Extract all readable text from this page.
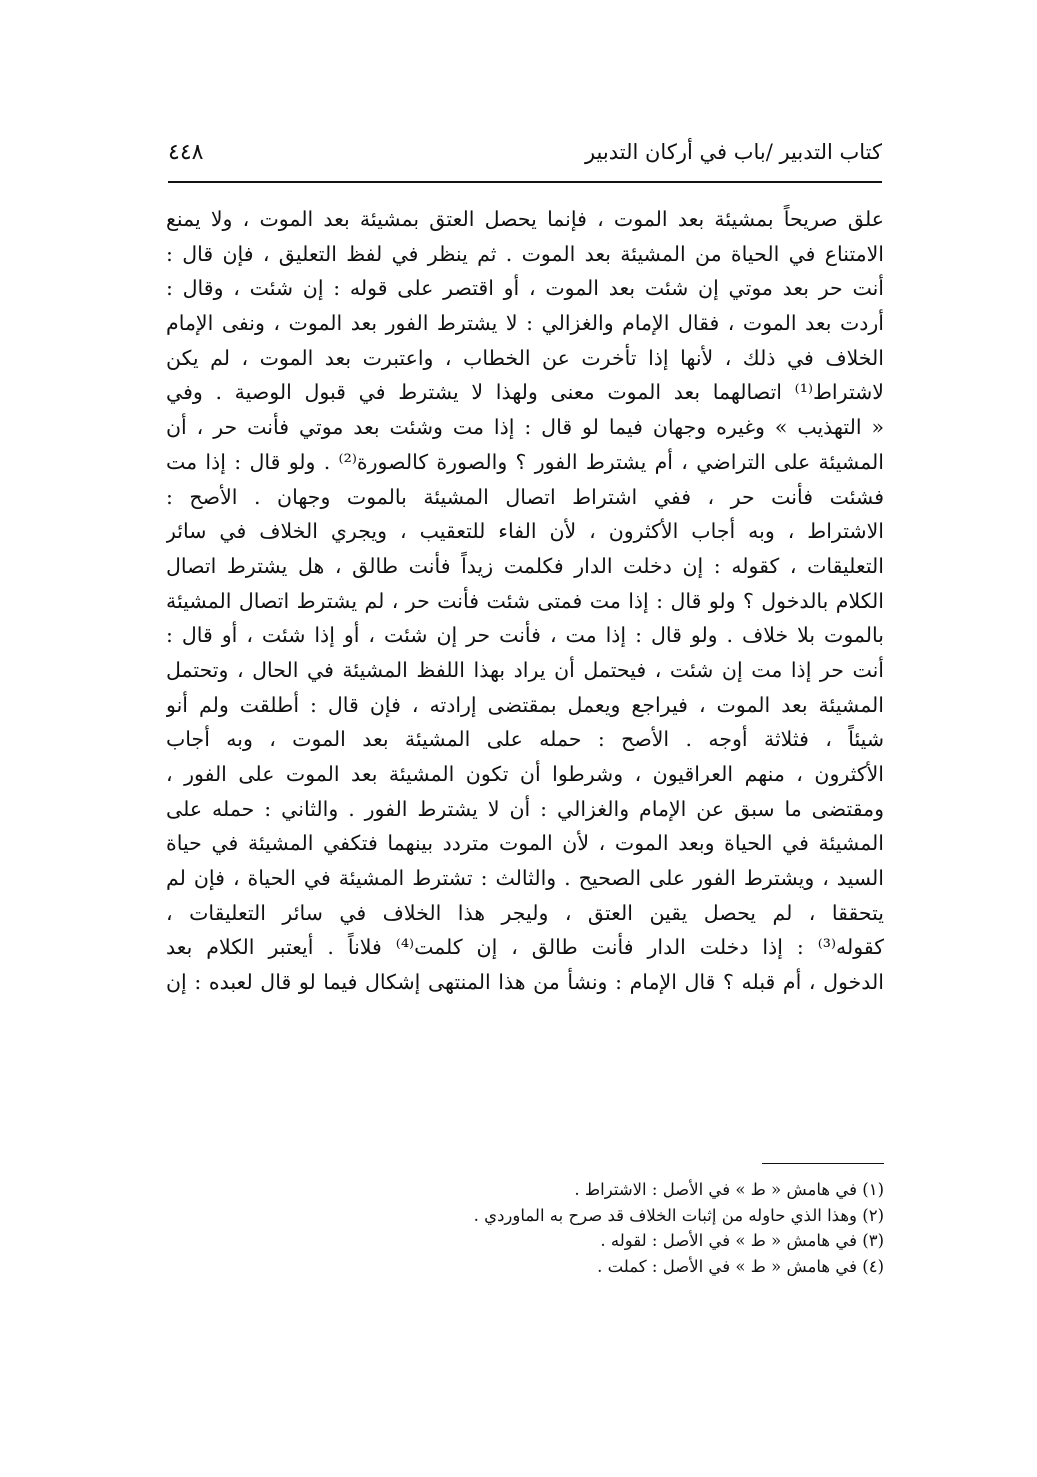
كتاب التدبير /باب في أركان التدبير
٤٤٨
علق صريحاً بمشيئة بعد الموت ، فإنما يحصل العتق بمشيئة بعد الموت ، ولا يمنع
الامتناع في الحياة من المشيئة بعد الموت . ثم ينظر في لفظ التعليق ، فإن قال :
أنت حر بعد موتي إن شئت بعد الموت ، أو اقتصر على قوله : إن شئت ، وقال :
أردت بعد الموت ، فقال الإمام والغزالي : لا يشترط الفور بعد الموت ، ونفى الإمام
الخلاف في ذلك ، لأنها إذا تأخرت عن الخطاب ، واعتبرت بعد الموت ، لم يكن
لاشتراط⁽¹⁾ اتصالهما بعد الموت معنى ولهذا لا يشترط في قبول الوصية . وفي
« التهذيب » وغيره وجهان فيما لو قال : إذا مت وشئت بعد موتي فأنت حر ، أن
المشيئة على التراضي ، أم يشترط الفور ؟ والصورة كالصورة⁽²⁾ . ولو قال : إذا مت
فشئت فأنت حر ، ففي اشتراط اتصال المشيئة بالموت وجهان . الأصح :
الاشتراط ، وبه أجاب الأكثرون ، لأن الفاء للتعقيب ، ويجري الخلاف في سائر
التعليقات ، كقوله : إن دخلت الدار فكلمت زيداً فأنت طالق ، هل يشترط اتصال
الكلام بالدخول ؟ ولو قال : إذا مت فمتى شئت فأنت حر ، لم يشترط اتصال المشيئة
بالموت بلا خلاف . ولو قال : إذا مت ، فأنت حر إن شئت ، أو إذا شئت ، أو قال :
أنت حر إذا مت إن شئت ، فيحتمل أن يراد بهذا اللفظ المشيئة في الحال ، وتحتمل
المشيئة بعد الموت ، فيراجع ويعمل بمقتضى إرادته ، فإن قال : أطلقت ولم أنو
شيئاً ، فثلاثة أوجه . الأصح : حمله على المشيئة بعد الموت ، وبه أجاب
الأكثرون ، منهم العراقيون ، وشرطوا أن تكون المشيئة بعد الموت على الفور ،
ومقتضى ما سبق عن الإمام والغزالي : أن لا يشترط الفور . والثاني : حمله على
المشيئة في الحياة وبعد الموت ، لأن الموت متردد بينهما فتكفي المشيئة في حياة
السيد ، ويشترط الفور على الصحيح . والثالث : تشترط المشيئة في الحياة ، فإن لم
يتحققا ، لم يحصل يقين العتق ، وليجر هذا الخلاف في سائر التعليقات ،
كقوله⁽³⁾ : إذا دخلت الدار فأنت طالق ، إن كلمت⁽⁴⁾ فلاناً . أيعتبر الكلام بعد
الدخول ، أم قبله ؟ قال الإمام : ونشأ من هذا المنتهى إشكال فيما لو قال لعبده : إن
(١) في هامش « ط » في الأصل : الاشتراط .
(٢) وهذا الذي حاوله من إثبات الخلاف قد صرح به الماوردي .
(٣) في هامش « ط » في الأصل : لقوله .
(٤) في هامش « ط » في الأصل : كملت .
